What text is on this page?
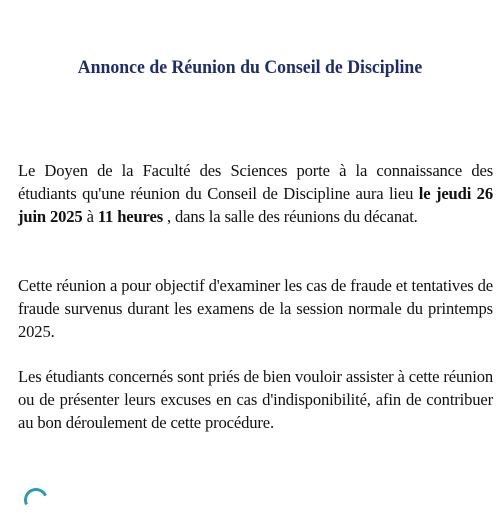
Annonce de Réunion du Conseil de Discipline

Le Doyen de la Faculté des Sciences porte à la connaissance des étudiants qu'une réunion du Conseil de Discipline aura lieu le jeudi 26 juin 2025 à 11 heures , dans la salle des réunions du décanat.

Cette réunion a pour objectif d'examiner les cas de fraude et tentatives de fraude survenus durant les examens de la session normale du printemps 2025.

Les étudiants concernés sont priés de bien vouloir assister à cette réunion ou de présenter leurs excuses en cas d'indisponibilité, afin de contribuer au bon déroulement de cette procédure.
